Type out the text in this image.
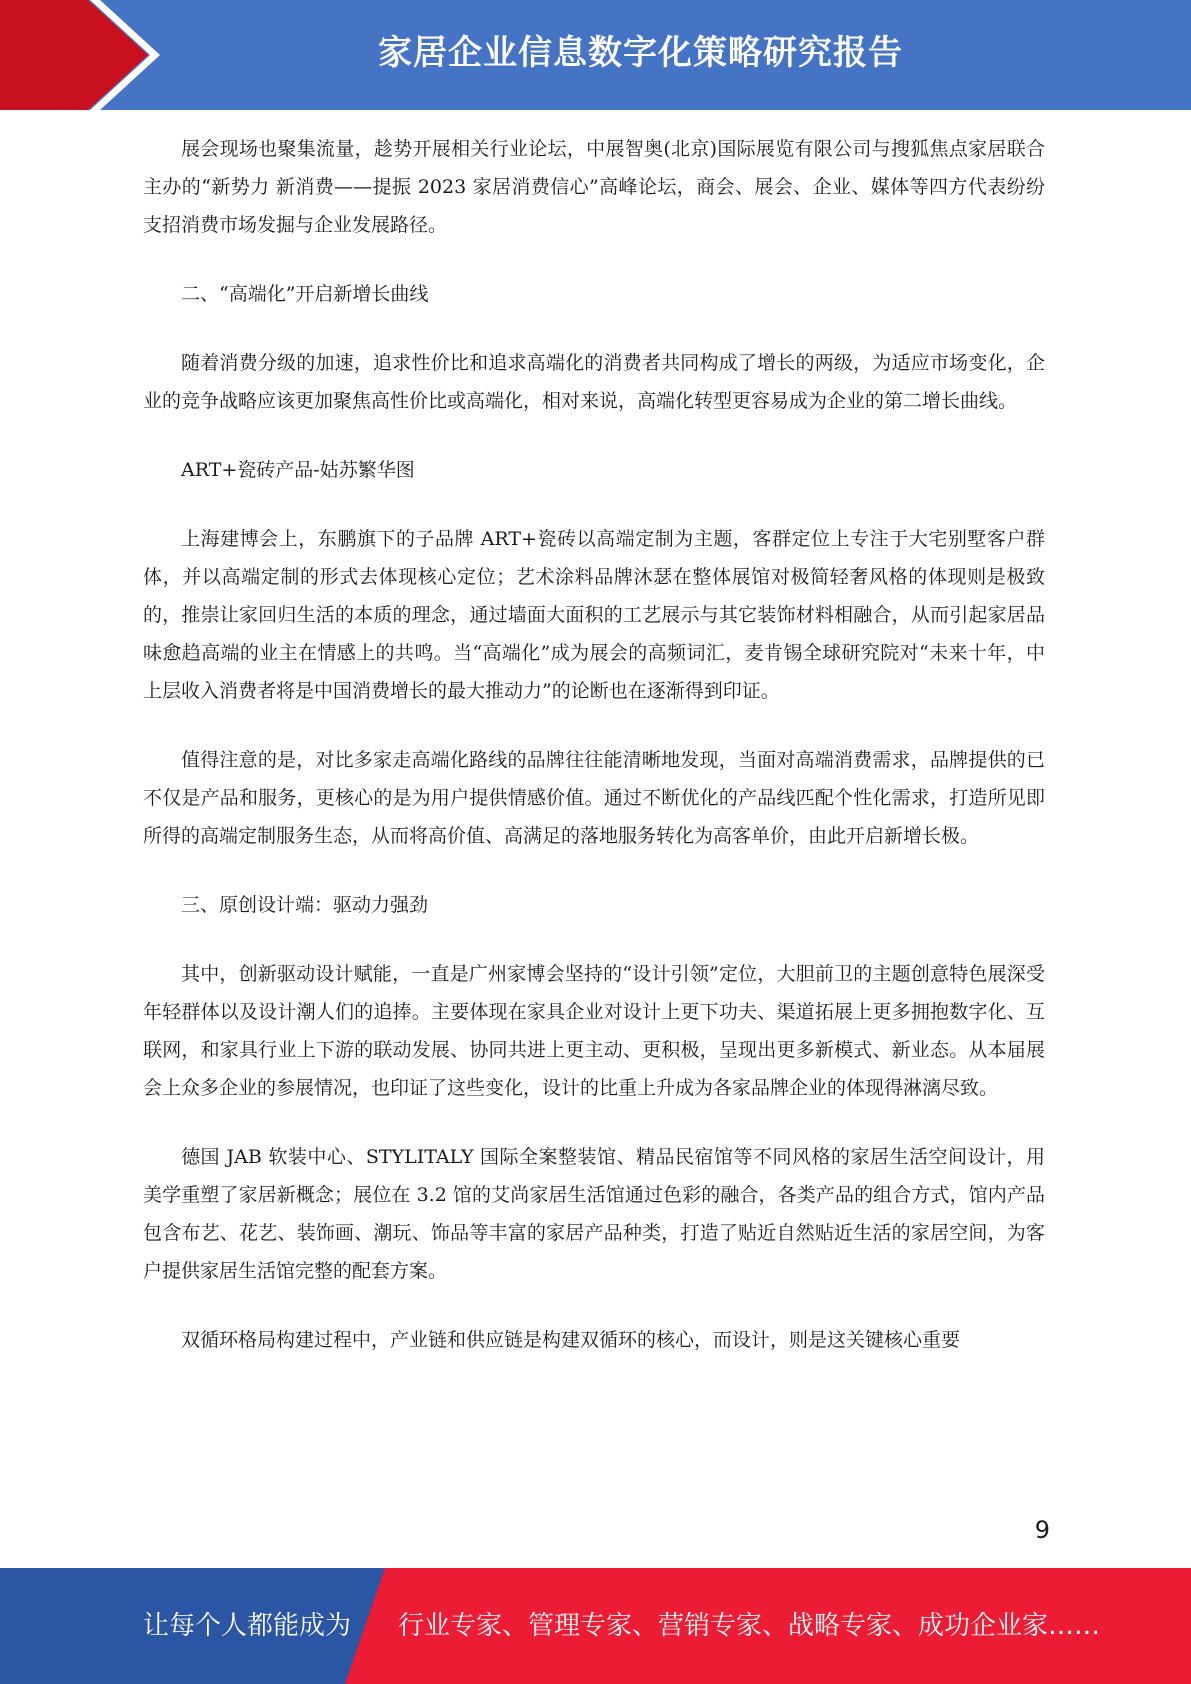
家居企业信息数字化策略研究报告

展会现场也聚集流量，趁势开展相关行业论坛，中展智奥(北京)国际展览有限公司与搜狐焦点家居联合主办的“新势力 新消费——提振 2023 家居消费信心”高峰论坛，商会、展会、企业、媒体等四方代表纷纷支招消费市场发掘与企业发展路径。

二、“高端化”开启新增长曲线

随着消费分级的加速，追求性价比和追求高端化的消费者共同构成了增长的两级，为适应市场变化，企业的竞争战略应该更加聚焦高性价比或高端化，相对来说，高端化转型更容易成为企业的第二增长曲线。

ART+瓷砖产品-姑苏繁华图

上海建博会上，东鹏旗下的子品牌 ART+瓷砖以高端定制为主题，客群定位上专注于大宅别墅客户群体，并以高端定制的形式去体现核心定位；艺术涂料品牌沐瑟在整体展馆对极简轻奢风格的体现则是极致的，推崇让家回归生活的本质的理念，通过墙面大面积的工艺展示与其它装饰材料相融合，从而引起家居品味愈趋高端的业主在情感上的共鸣。当“高端化”成为展会的高频词汇，麦肯锡全球研究院对“未来十年，中上层收入消费者将是中国消费增长的最大推动力”的论断也在逐渐得到印证。

值得注意的是，对比多家走高端化路线的品牌往往能清晰地发现，当面对高端消费需求，品牌提供的已不仅是产品和服务，更核心的是为用户提供情感价值。通过不断优化的产品线匹配个性化需求，打造所见即所得的高端定制服务生态，从而将高价值、高满足的落地服务转化为高客单价，由此开启新增长极。

三、原创设计端：驱动力强劲

其中，创新驱动设计赋能，一直是广州家博会坚持的“设计引领”定位，大胆前卫的主题创意特色展深受年轻群体以及设计潮人们的追捧。主要体现在家具企业对设计上更下功夫、渠道拓展上更多拥抱数字化、互联网，和家具行业上下游的联动发展、协同共进上更主动、更积极，呈现出更多新模式、新业态。从本届展会上众多企业的参展情况，也印证了这些变化，设计的比重上升成为各家品牌企业的体现得淋漓尽致。

德国 JAB 软装中心、STYLITALY 国际全案整装馆、精品民宿馆等不同风格的家居生活空间设计，用美学重塑了家居新概念；展位在 3.2 馆的艾尚家居生活馆通过色彩的融合，各类产品的组合方式，馆内产品包含布艺、花艺、装饰画、潮玩、饰品等丰富的家居产品种类，打造了贴近自然贴近生活的家居空间，为客户提供家居生活馆完整的配套方案。

双循环格局构建过程中，产业链和供应链是构建双循环的核心，而设计，则是这关键核心重要

9
让每个人都能成为 行业专家、管理专家、营销专家、战略专家、成功企业家……
